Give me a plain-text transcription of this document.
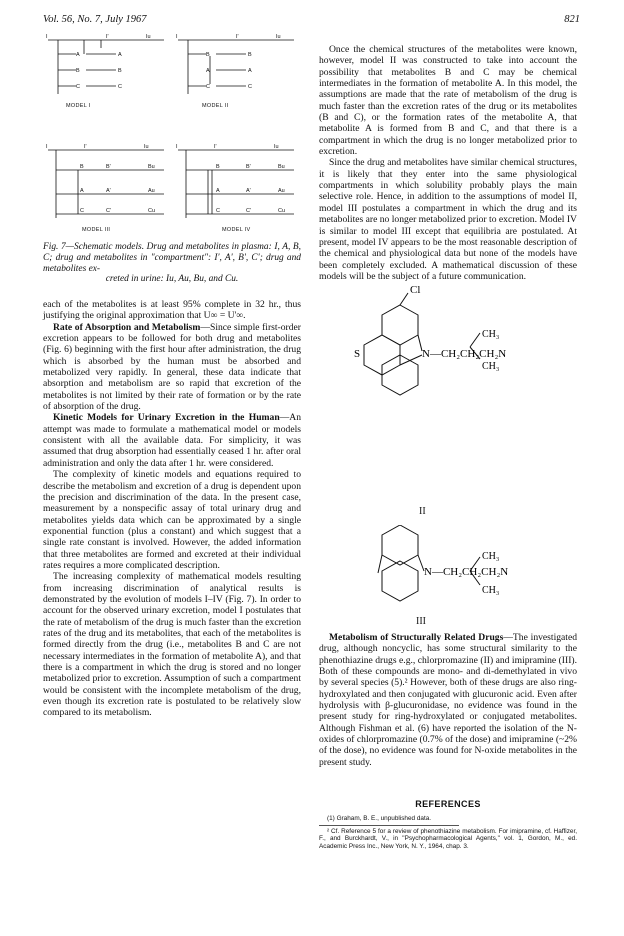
Vol. 56, No. 7, July 1967	821
I
A
B
C
A
B
C
I'	Iu
MODEL I
I
B
A
C
B
A
C
I'	Iu
MODEL II
I	I'	Iu
B	B'	Bu
A	A'	Au
C	C'	Cu
MODEL III
I	I'	Iu
B	B'	Bu
A	A'	Au
C	C'	Cu
MODEL IV
Fig. 7—Schematic models. Drug and metabolites in plasma: I, A, B, C; drug and metabolites in "compartment": I', A', B', C'; drug and metabolites ex-
creted in urine: Iu, Au, Bu, and Cu.

each of the metabolites is at least 95% complete in 32 hr., thus justifying the original approximation that U∞ = U'∞.

Rate of Absorption and Metabolism—Since simple first-order excretion appears to be followed for both drug and metabolites (Fig. 6) beginning with the first hour after administration, the drug which is absorbed by the human must be absorbed and metabolized very rapidly. In general, these data indicate that absorption and metabolism are so rapid that excretion of the metabolites is not limited by their rate of formation or by the rate of absorption of the drug.

Kinetic Models for Urinary Excretion in the Human—An attempt was made to formulate a mathematical model or models consistent with all the available data. For simplicity, it was assumed that drug absorption had essentially ceased 1 hr. after oral administration and only the data after 1 hr. were considered.

The complexity of kinetic models and equations required to describe the metabolism and excretion of a drug is dependent upon the precision and discrimination of the data. In the present case, measurement by a nonspecific assay of total urinary drug and metabolites yields data which can be approximated by a single exponential function (plus a constant) and which suggest that a single rate constant is involved. However, the added information that three metabolites are formed and excreted at their individual rates requires a more complicated description.

The increasing complexity of mathematical models resulting from increasing discrimination of analytical results is demonstrated by the evolution of models I–IV (Fig. 7). In order to account for the observed urinary excretion, model I postulates that the rate of metabolism of the drug is much faster than the excretion rates of the drug and its metabolites, that each of the metabolites is formed directly from the drug (i.e., metabolites B and C are not necessary intermediates in the formation of metabolite A), and that there is a compartment in which the drug is stored and no longer metabolized prior to excretion. Assumption of such a compartment would be consistent with the incomplete metabolism of the drug, even though its excretion rate is postulated to be relatively slow compared to its metabolism.

Once the chemical structures of the metabolites were known, however, model II was constructed to take into account the possibility that metabolites B and C may be chemical intermediates in the formation of metabolite A. In this model, the assumptions are made that the rate of metabolism of the drug is much faster than the excretion rates of the drug or its metabolites (B and C), or the formation rates of the metabolite A, that metabolite A is formed from B and C, and that there is a compartment in which the drug is no longer metabolized prior to excretion.

Since the drug and metabolites have similar chemical structures, it is likely that they enter into the same physiological compartments in which solubility probably plays the main selective role. Hence, in addition to the assumptions of model II, model III postulates a compartment in which the drug and its metabolites are no longer metabolized prior to excretion. Model IV is similar to model III except that equilibria are postulated. At present, model IV appears to be the most reasonable description of the chemical and physiological data but none of the models have been completely excluded. A mathematical discussion of these models will be the subject of a future communication.

Cl
S	N—CH₂CH₂CH₂N
CH₃
CH₃
II
N—CH₂CH₂CH₂N
CH₃
CH₃
III

Metabolism of Structurally Related Drugs—The investigated drug, although noncyclic, has some structural similarity to the phenothiazine drugs e.g., chlorpromazine (II) and imipramine (III). Both of these compounds are mono- and di-demethylated in vivo by several species (5).² However, both of these drugs are also ring-hydroxylated and then conjugated with glucuronic acid. Even after hydrolysis with β-glucuronidase, no evidence was found in the present study for ring-hydroxylated or conjugated metabolites. Although Fishman et al. (6) have reported the isolation of the N-oxides of chlorpromazine (0.7% of the dose) and imipramine (~2% of the dose), no evidence was found for N-oxide metabolites in the present study.

REFERENCES

(1) Graham, B. E., unpublished data.

² Cf. Reference 5 for a review of phenothiazine metabolism. For imipramine, cf. Haffizer, F., and Burckhardt, V., in "Psychopharmacological Agents," vol. 1, Gordon, M., ed. Academic Press Inc., New York, N. Y., 1964, chap. 3.
